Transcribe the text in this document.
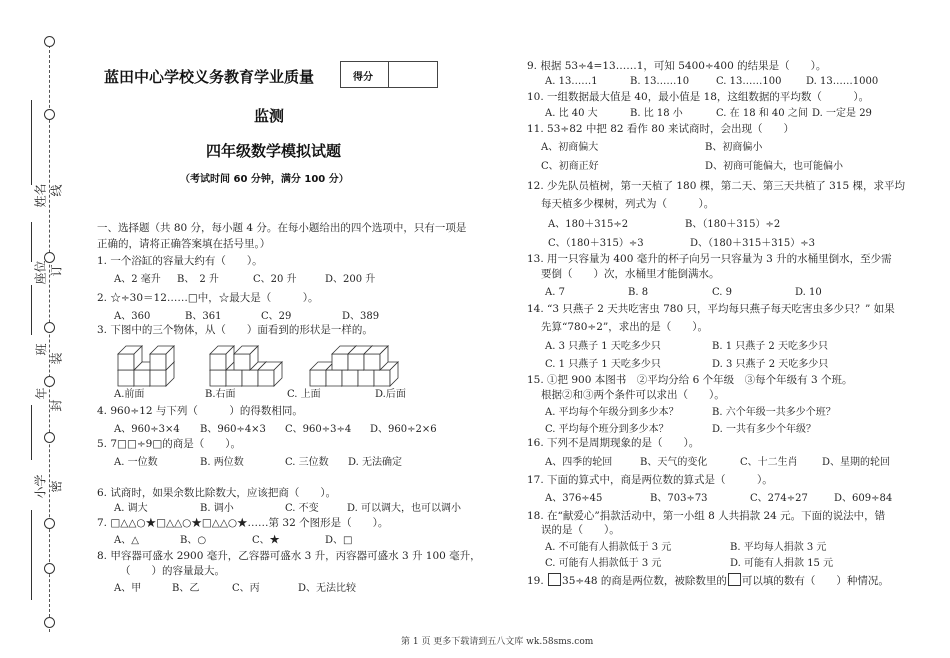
姓名 线
座位 订
班
装
年
封
小学 密
蓝田中心学校义务教育学业质量	得分
监测
四年级数学模拟试题
（考试时间 60 分钟，满分 100 分）
一、选择题（共 80 分，每小题 4 分。在每小题给出的四个选项中，只有一项是
正确的，请将正确答案填在括号里。）
1. 一个浴缸的容量大约有（　　）。
A、2 毫升 B、　2 升	C、20 升	D、200 升
2. ☆÷30＝12……□中，☆最大是（　　　）。
A、360	B、361	C、29	D、389
3. 下图中的三个物体，从（　　）面看到的形状是一样的。
A.前面	B.右面	C. 上面	D.后面
4. 960÷12 与下列（　　　）的得数相同。
A、960÷3×4 B、960÷4×3 C、960÷3÷4 D、960÷2×6
5. 7□□÷9□的商是（　　）。
A. 一位数	B. 两位数	C. 三位数 D. 无法确定
6. 试商时，如果余数比除数大，应该把商（　　）。
A. 调大	B. 调小	C. 不变	D. 可以调大，也可以调小
7. □△△○★□△△○★□△△○★……第 32 个图形是（　　）。
A、△	B、○	C、★	D、□
8. 甲容器可盛水 2900 毫升，乙容器可盛水 3 升，丙容器可盛水 3 升 100 毫升，
（　　）的容量最大。
A、甲	B、乙	C、丙	D、无法比较
9. 根据 53÷4=13……1，可知 5400÷400 的结果是（　　）。
A. 13……1	B. 13……10	C. 13……100 D. 13……1000
10. 一组数据最大值是 40，最小值是 18，这组数据的平均数（　　　）。
A. 比 40 大	B. 比 18 小	C. 在 18 和 40 之间 D. 一定是 29
11. 53÷82 中把 82 看作 80 来试商时，会出现（　　）
A、初商偏大	B、初商偏小
C、初商正好	D、初商可能偏大，也可能偏小
12. 少先队员植树，第一天植了 180 棵，第二天、第三天共植了 315 棵，求平均
每天植多少棵树，列式为（　　　）。
A、180＋315÷2	B、（180＋315）÷2
C、（180＋315）÷3	D、（180＋315＋315）÷3
13. 用一只容量为 400 毫升的杯子向另一只容量为 3 升的水桶里倒水，至少需
要倒（　　）次，水桶里才能倒满水。
A. 7	B. 8	C. 9	D. 10
14. “3 只燕子 2 天共吃害虫 780 只，平均每只燕子每天吃害虫多少只？” 如果
先算“780÷2”，求出的是（　　）。
A. 3 只燕子 1 天吃多少只	B. 1 只燕子 2 天吃多少只
C. 1 只燕子 1 天吃多少只	D. 3 只燕子 2 天吃多少只
15. ①把 900 本图书　②平均分给 6 个年级　③每个年级有 3 个班。
根据②和③两个条件可以求出（　　）。
A. 平均每个年级分到多少本？	B. 六个年级一共多少个班？
C. 平均每个班分到多少本？	D. 一共有多少个年级？
16. 下列不是周期现象的是（　　）。
A、四季的轮回	B、天气的变化	C、十二生肖 D、星期的轮回
17. 下面的算式中，商是两位数的算式是（　　　）。
A、376÷45	B、703÷73	C、274÷27	D、609÷84
18. 在“献爱心”捐款活动中，第一小组 8 人共捐款 24 元。下面的说法中，错
误的是（　　）。
A. 不可能有人捐款低于 3 元	B. 平均每人捐款 3 元
C. 可能有人捐款低于 3 元	D. 可能有人捐款 15 元
19. 35÷48 的商是两位数，被除数里的 可以填的数有（　　）种情况。
第 1 页 更多下载请到五八文库 wk.58sms.com
